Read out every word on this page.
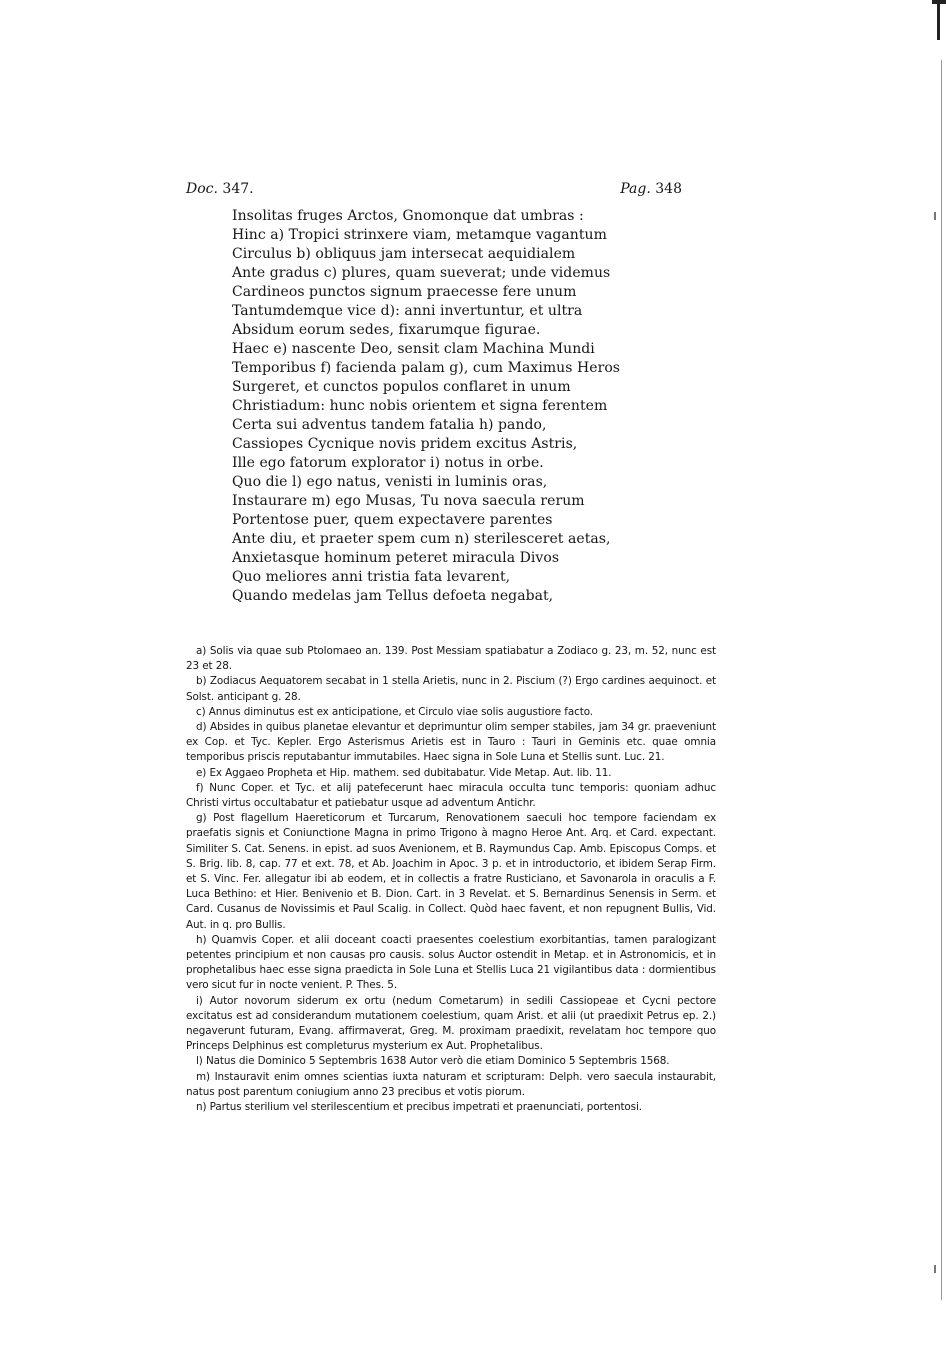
Doc. 347.	Pag. 348
Insolitas fruges Arctos, Gnomonque dat umbras :
Hinc a) Tropici strinxere viam, metamque vagantum
Circulus b) obliquus jam intersecat aequidialem
Ante gradus c) plures, quam sueverat; unde videmus
Cardineos punctos signum praecesse fere unum
Tantumdemque vice d): anni invertuntur, et ultra
Absidum eorum sedes, fixarumque figurae.
Haec e) nascente Deo, sensit clam Machina Mundi
Temporibus f) facienda palam g), cum Maximus Heros
Surgeret, et cunctos populos conflaret in unum
Christiadum: hunc nobis orientem et signa ferentem
Certa sui adventus tandem fatalia h) pando,
Cassiopes Cycnique novis pridem excitus Astris,
Ille ego fatorum explorator i) notus in orbe.
Quo die l) ego natus, venisti in luminis oras,
Instaurare m) ego Musas, Tu nova saecula rerum
Portentose puer, quem expectavere parentes
Ante diu, et praeter spem cum n) sterilesceret aetas,
Anxietasque hominum peteret miracula Divos
Quo meliores anni tristia fata levarent,
Quando medelas jam Tellus defoeta negabat,
a) Solis via quae sub Ptolomaeo an. 139. Post Messiam spatiabatur a Zodiaco g. 23, m. 52, nunc est 23 et 28.
b) Zodiacus Aequatorem secabat in 1 stella Arietis, nunc in 2. Piscium (?) Ergo cardines aequinoct. et Solst. anticipant g. 28.
c) Annus diminutus est ex anticipatione, et Circulo viae solis augustiore facto.
d) Absides in quibus planetae elevantur et deprimuntur olim semper stabiles, jam 34 gr. praeveniunt ex Cop. et Tyc. Kepler. Ergo Asterismus Arietis est in Tauro : Tauri in Geminis etc. quae omnia temporibus priscis reputabantur immutabiles. Haec signa in Sole Luna et Stellis sunt. Luc. 21.
e) Ex Aggaeo Propheta et Hip. mathem. sed dubitabatur. Vide Metap. Aut. lib. 11.
f) Nunc Coper. et Tyc. et alij patefecerunt haec miracula occulta tunc temporis: quoniam adhuc Christi virtus occultabatur et patiebatur usque ad adventum Antichr.
g) Post flagellum Haereticorum et Turcarum, Renovationem saeculi hoc tempore faciendam ex praefatis signis et Coniunctione Magna in primo Trigono à magno Heroe Ant. Arq. et Card. expectant. Similiter S. Cat. Senens. in epist. ad suos Avenionem, et B. Raymundus Cap. Amb. Episcopus Comps. et S. Brig. lib. 8, cap. 77 et ext. 78, et Ab. Joachim in Apoc. 3 p. et in introductorio, et ibidem Serap Firm. et S. Vinc. Fer. allegatur ibi ab eodem, et in collectis a fratre Rusticiano, et Savonarola in oraculis a F. Luca Bethino: et Hier. Benivenio et B. Dion. Cart. in 3 Revelat. et S. Bernardinus Senensis in Serm. et Card. Cusanus de Novissimis et Paul Scalig. in Collect. Quòd haec favent, et non repugnent Bullis, Vid. Aut. in q. pro Bullis.
h) Quamvis Coper. et alii doceant coacti praesentes coelestium exorbitantias, tamen paralogizant petentes principium et non causas pro causis. solus Auctor ostendit in Metap. et in Astronomicis, et in prophetalibus haec esse signa praedicta in Sole Luna et Stellis Luca 21 vigilantibus data : dormientibus vero sicut fur in nocte venient. P. Thes. 5.
i) Autor novorum siderum ex ortu (nedum Cometarum) in sedili Cassiopeae et Cycni pectore excitatus est ad considerandum mutationem coelestium, quam Arist. et alii (ut praedixit Petrus ep. 2.) negaverunt futuram, Evang. affirmaverat, Greg. M. proximam praedixit, revelatam hoc tempore quo Princeps Delphinus est completurus mysterium ex Aut. Prophetalibus.
l) Natus die Dominico 5 Septembris 1638 Autor verò die etiam Dominico 5 Septembris 1568.
m) Instauravit enim omnes scientias iuxta naturam et scripturam: Delph. vero saecula instaurabit, natus post parentum coniugium anno 23 precibus et votis piorum.
n) Partus sterilium vel sterilescentium et precibus impetrati et praenunciati, portentosi.
